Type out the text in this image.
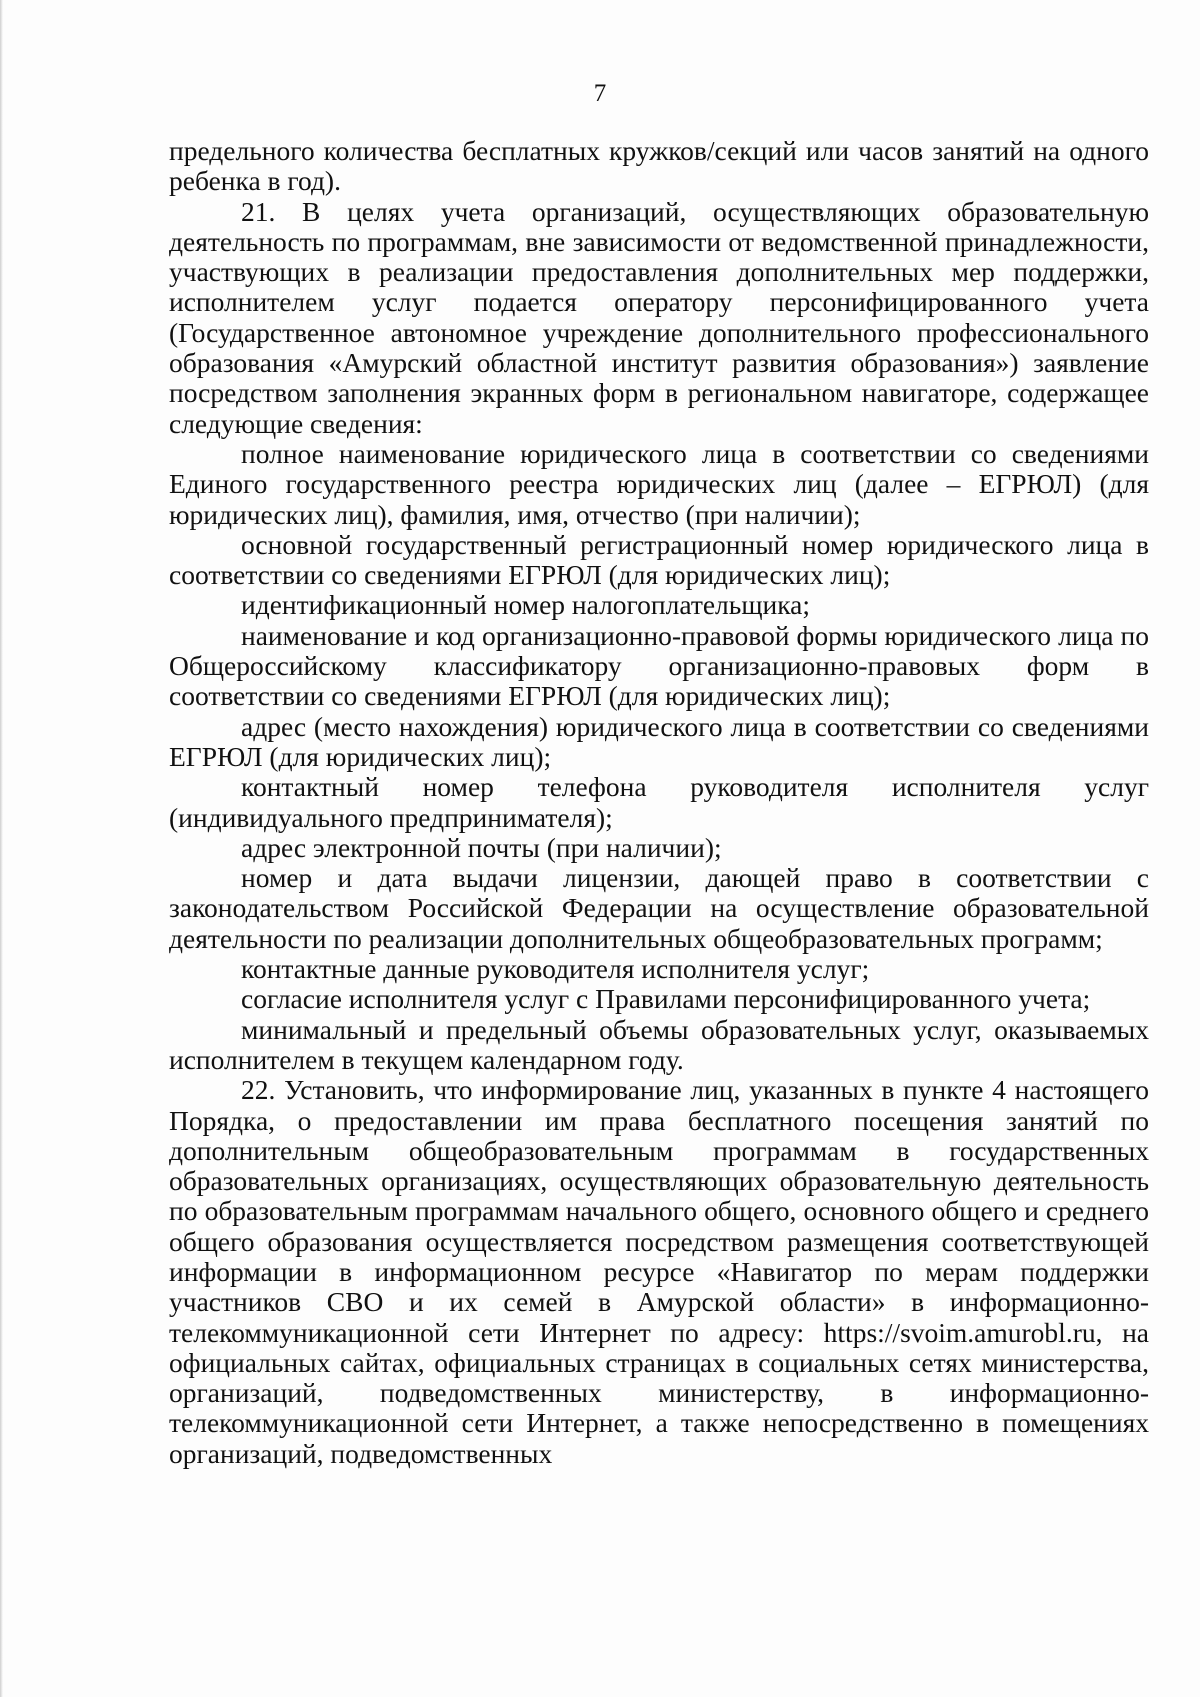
7

предельного количества бесплатных кружков/секций или часов занятий на одного ребенка в год).

21. В целях учета организаций, осуществляющих образовательную деятельность по программам, вне зависимости от ведомственной принадлежности, участвующих в реализации предоставления дополнительных мер поддержки, исполнителем услуг подается оператору персонифицированного учета (Государственное автономное учреждение дополнительного профессионального образования «Амурский областной институт развития образования») заявление посредством заполнения экранных форм в региональном навигаторе, содержащее следующие сведения:

полное наименование юридического лица в соответствии со сведениями Единого государственного реестра юридических лиц (далее – ЕГРЮЛ) (для юридических лиц), фамилия, имя, отчество (при наличии);

основной государственный регистрационный номер юридического лица в соответствии со сведениями ЕГРЮЛ (для юридических лиц);

идентификационный номер налогоплательщика;

наименование и код организационно-правовой формы юридического лица по Общероссийскому классификатору организационно-правовых форм в соответствии со сведениями ЕГРЮЛ (для юридических лиц);

адрес (место нахождения) юридического лица в соответствии со сведениями ЕГРЮЛ (для юридических лиц);

контактный номер телефона руководителя исполнителя услуг (индивидуального предпринимателя);

адрес электронной почты (при наличии);

номер и дата выдачи лицензии, дающей право в соответствии с законодательством Российской Федерации на осуществление образовательной деятельности по реализации дополнительных общеобразовательных программ;

контактные данные руководителя исполнителя услуг;

согласие исполнителя услуг с Правилами персонифицированного учета;

минимальный и предельный объемы образовательных услуг, оказываемых исполнителем в текущем календарном году.

22. Установить, что информирование лиц, указанных в пункте 4 настоящего Порядка, о предоставлении им права бесплатного посещения занятий по дополнительным общеобразовательным программам в государственных образовательных организациях, осуществляющих образовательную деятельность по образовательным программам начального общего, основного общего и среднего общего образования осуществляется посредством размещения соответствующей информации в информационном ресурсе «Навигатор по мерам поддержки участников СВО и их семей в Амурской области» в информационно-телекоммуникационной сети Интернет по адресу: https://svoim.amurobl.ru, на официальных сайтах, официальных страницах в социальных сетях министерства, организаций, подведомственных министерству, в информационно-телекоммуникационной сети Интернет, а также непосредственно в помещениях организаций, подведомственных
